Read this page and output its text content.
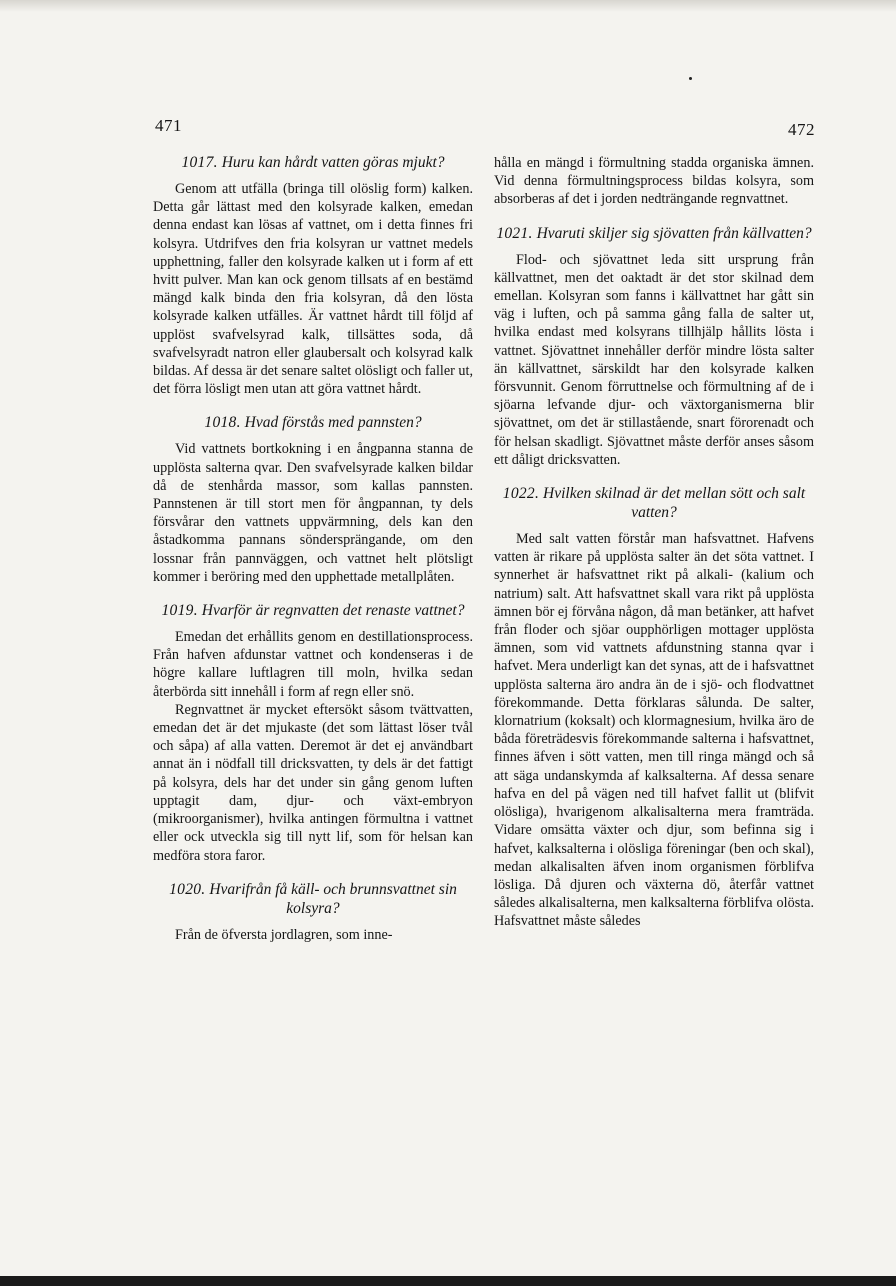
471	472
1017. Huru kan hårdt vatten göras mjukt?

Genom att utfälla (bringa till olöslig form) kalken. Detta går lättast med den kolsyrade kalken, emedan denna endast kan lösas af vattnet, om i detta finnes fri kolsyra. Utdrifves den fria kolsyran ur vattnet medels upphettning, faller den kolsyrade kalken ut i form af ett hvitt pulver. Man kan ock genom tillsats af en bestämd mängd kalk binda den fria kolsyran, då den lösta kolsyrade kalken utfälles. Är vattnet hårdt till följd af upplöst svafvelsyrad kalk, tillsättes soda, då svafvelsyradt natron eller glaubersalt och kolsyrad kalk bildas. Af dessa är det senare saltet olösligt och faller ut, det förra lösligt men utan att göra vattnet hårdt.

1018. Hvad förstås med pannsten?

Vid vattnets bortkokning i en ångpanna stanna de upplösta salterna qvar. Den svafvelsyrade kalken bildar då de stenhårda massor, som kallas pannsten. Pannstenen är till stort men för ångpannan, ty dels försvårar den vattnets uppvärmning, dels kan den åstadkomma pannans söndersprängande, om den lossnar från pannväggen, och vattnet helt plötsligt kommer i beröring med den upphettade metallplåten.

1019. Hvarför är regnvatten det renaste vattnet?

Emedan det erhållits genom en destillationsprocess. Från hafven afdunstar vattnet och kondenseras i de högre kallare luftlagren till moln, hvilka sedan återbörda sitt innehåll i form af regn eller snö.

Regnvattnet är mycket eftersökt såsom tvättvatten, emedan det är det mjukaste (det som lättast löser tvål och såpa) af alla vatten. Deremot är det ej användbart annat än i nödfall till dricksvatten, ty dels är det fattigt på kolsyra, dels har det under sin gång genom luften upptagit dam, djur- och växt-embryon (mikroorganismer), hvilka antingen förmultna i vattnet eller ock utveckla sig till nytt lif, som för helsan kan medföra stora faror.

1020. Hvarifrån få käll- och brunnsvattnet sin kolsyra?

Från de öfversta jordlagren, som inne-

hålla en mängd i förmultning stadda organiska ämnen. Vid denna förmultningsprocess bildas kolsyra, som absorberas af det i jorden nedträngande regnvattnet.

1021. Hvaruti skiljer sig sjövatten från källvatten?

Flod- och sjövattnet leda sitt ursprung från källvattnet, men det oaktadt är det stor skilnad dem emellan. Kolsyran som fanns i källvattnet har gått sin väg i luften, och på samma gång falla de salter ut, hvilka endast med kolsyrans tillhjälp hållits lösta i vattnet. Sjövattnet innehåller derför mindre lösta salter än källvattnet, särskildt har den kolsyrade kalken försvunnit. Genom förruttnelse och förmultning af de i sjöarna lefvande djur- och växtorganismerna blir sjövattnet, om det är stillastående, snart förorenadt och för helsan skadligt. Sjövattnet måste derför anses såsom ett dåligt dricksvatten.

1022. Hvilken skilnad är det mellan sött och salt vatten?

Med salt vatten förstår man hafsvattnet. Hafvens vatten är rikare på upplösta salter än det söta vattnet. I synnerhet är hafsvattnet rikt på alkali- (kalium och natrium) salt. Att hafsvattnet skall vara rikt på upplösta ämnen bör ej förvåna någon, då man betänker, att hafvet från floder och sjöar oupphörligen mottager upplösta ämnen, som vid vattnets afdunstning stanna qvar i hafvet. Mera underligt kan det synas, att de i hafsvattnet upplösta salterna äro andra än de i sjö- och flodvattnet förekommande. Detta förklaras sålunda. De salter, klornatrium (koksalt) och klormagnesium, hvilka äro de båda företrädesvis förekommande salterna i hafsvattnet, finnes äfven i sött vatten, men till ringa mängd och så att säga undanskymda af kalksalterna. Af dessa senare hafva en del på vägen ned till hafvet fallit ut (blifvit olösliga), hvarigenom alkalisalterna mera framträda. Vidare omsätta växter och djur, som befinna sig i hafvet, kalksalterna i olösliga föreningar (ben och skal), medan alkalisalten äfven inom organismen förblifva lösliga. Då djuren och växterna dö, återfår vattnet således alkalisalterna, men kalksalterna förblifva olösta. Hafsvattnet måste således
